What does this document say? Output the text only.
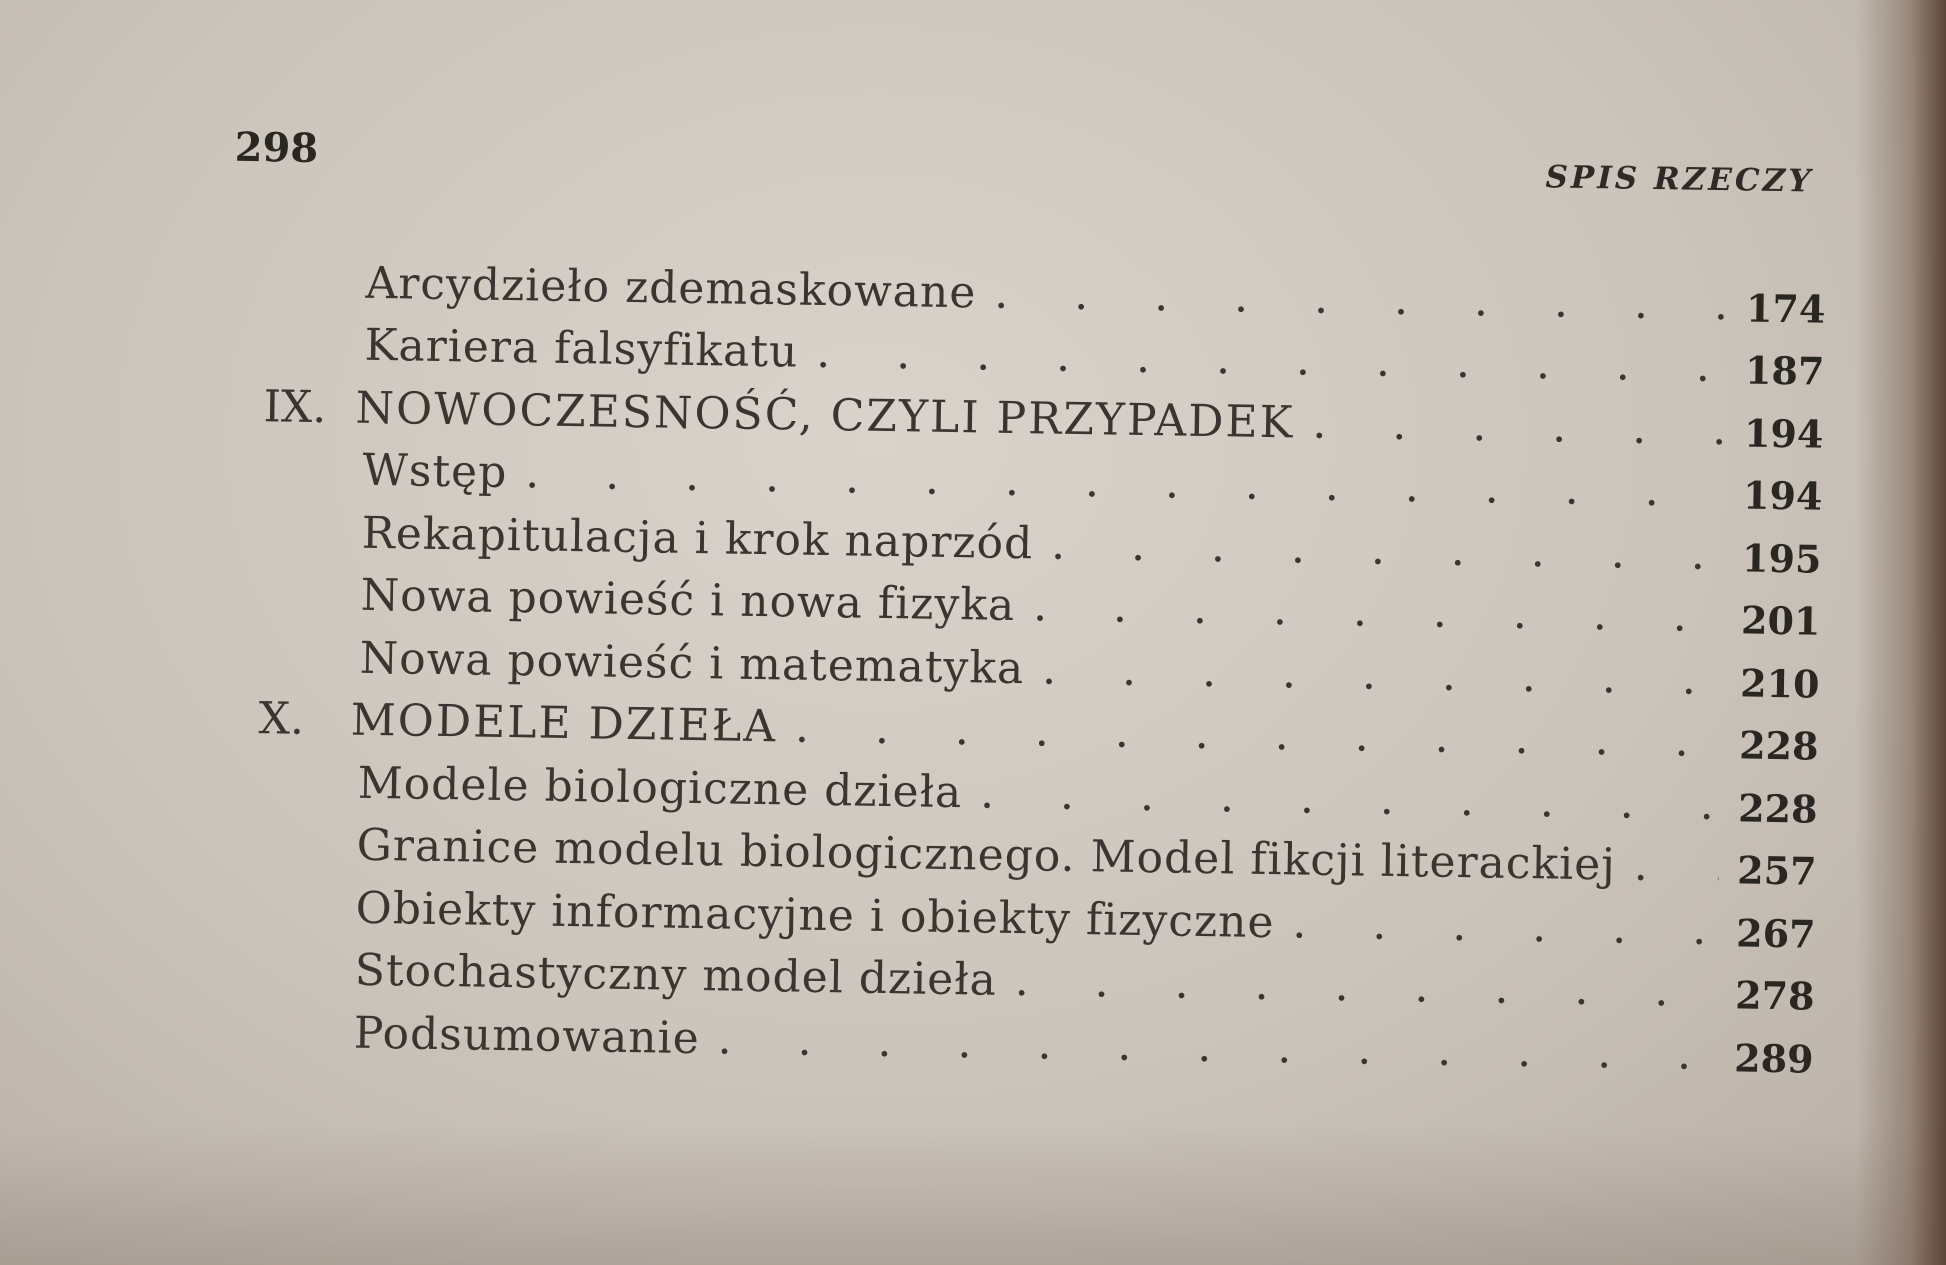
298
SPIS RZECZY
Arcydzieło zdemaskowane . . .	174
Kariera falsyfikatu . . .	187
IX. NOWOCZESNOŚĆ, CZYLI PRZYPADEK . . .	194
Wstęp . . .	194
Rekapitulacja i krok naprzód . . .	195
Nowa powieść i nowa fizyka . . .	201
Nowa powieść i matematyka . . .	210
X.	MODELE DZIEŁA . . .	228
Modele biologiczne dzieła . . .	228
Granice modelu biologicznego. Model fikcji literackiej . . .	257
Obiekty informacyjne i obiekty fizyczne . . .	267
Stochastyczny model dzieła . . .	278
Podsumowanie . . .	289
